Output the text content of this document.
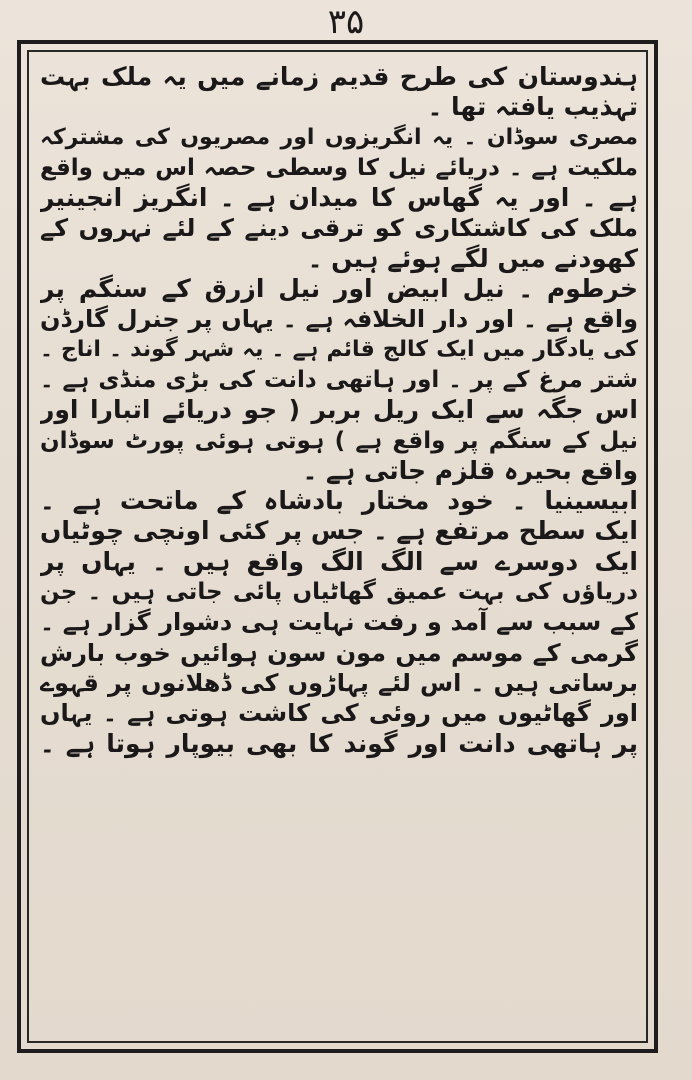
۳۵
ہندوستان کی طرح قدیم زمانے میں یہ ملک بہت
تہذیب یافتہ تھا ۔
مصری سوڈان ۔ یہ انگریزوں اور مصریوں کی مشترکہ
ملکیت ہے ۔ دریائے نیل کا وسطی حصہ اس میں واقع
ہے ۔ اور یہ گھاس کا میدان ہے ۔ انگریز انجینیر
ملک کی کاشتکاری کو ترقی دینے کے لئے نہروں کے
کھودنے میں لگے ہوئے ہیں ۔
خرطوم ۔ نیل ابیض اور نیل ازرق کے سنگم پر
واقع ہے ۔ اور دار الخلافہ ہے ۔ یہاں پر جنرل گارڈن
کی یادگار میں ایک کالج قائم ہے ۔ یہ شہر گوند ۔ اناج ۔
شتر مرغ کے پر ۔ اور ہاتھی دانت کی بڑی منڈی ہے ۔
اس جگہ سے ایک ریل بربر ( جو دریائے اتبارا اور
نیل کے سنگم پر واقع ہے ) ہوتی ہوئی پورٹ سوڈان
واقع بحیرہ قلزم جاتی ہے ۔
ابیسینیا ۔ خود مختار بادشاہ کے ماتحت ہے ۔
ایک سطح مرتفع ہے ۔ جس پر کئی اونچی چوٹیاں
ایک دوسرے سے الگ الگ واقع ہیں ۔ یہاں پر
دریاؤں کی بہت عمیق گھاٹیاں پائی جاتی ہیں ۔ جن
کے سبب سے آمد و رفت نہایت ہی دشوار گزار ہے ۔
گرمی کے موسم میں مون سون ہوائیں خوب بارش
برساتی ہیں ۔ اس لئے پہاڑوں کی ڈھلانوں پر قہوے
اور گھاٹیوں میں روئی کی کاشت ہوتی ہے ۔ یہاں
پر ہاتھی دانت اور گوند کا بھی بیوپار ہوتا ہے ۔
